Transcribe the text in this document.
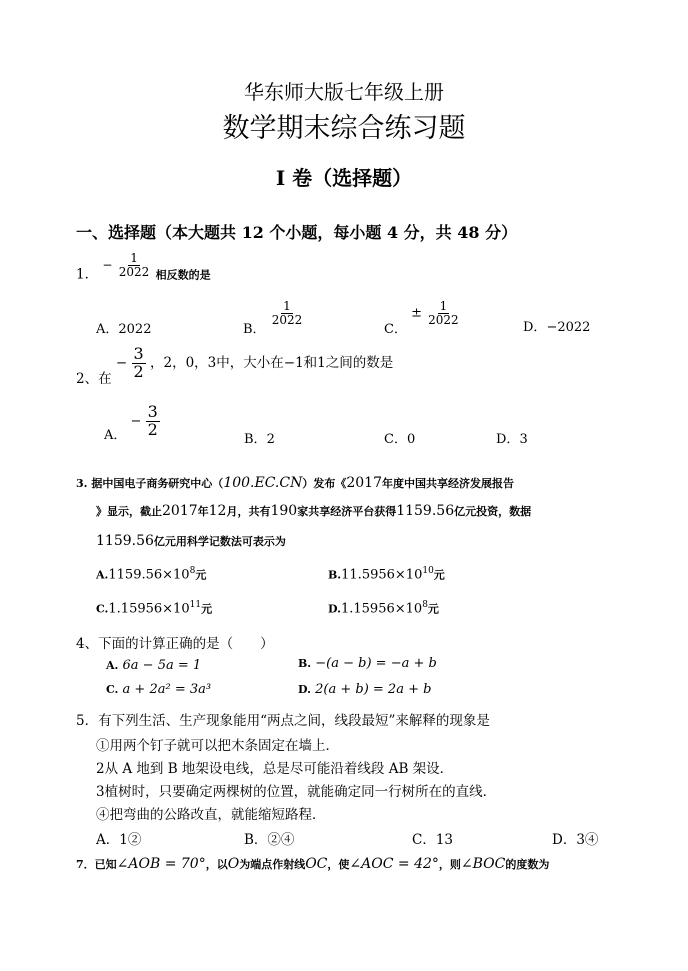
华东师大版七年级上册
数学期末综合练习题
I 卷（选择题）
一、选择题（本大题共 12 个小题，每小题 4 分，共 48 分）
1． − $\frac{1}{2022}$ 相反数的是
A．2022	B．
$\frac{1}{2022}$
C． ± $\frac{1}{2022}$
D．−2022
2、在 − $\frac{3}{2}$ ，2，0，3中，大小在−1和1之间的数是
A． − $\frac{3}{2}$
B．2	C．0	D．3
3. 据中国电子商务研究中心（100.EC.CN）发布《2017年度中国共享经济发展报告
》显示，截止2017年12月，共有190家共享经济平台获得1159.56亿元投资，数据
1159.56亿元用科学记数法可表示为
$A.1159.56\times 10^8$元	$B.11.5956\times 10^{10}$元
$C.1.15956\times 10^{11}$元	$D.1.15956\times 10^8$元
4、下面的计算正确的是（　　）
A. 6a − 5a = 1	B. −(a − b) = −a + b
C. a + 2a² = 3a³	D. 2(a + b) = 2a + b
5．有下列生活、生产现象能用“两点之间，线段最短”来解释的现象是
①用两个钉子就可以把木条固定在墙上．
2从 A 地到 B 地架设电线，总是尽可能沿着线段 AB 架设．
3植树时，只要确定两棵树的位置，就能确定同一行树所在的直线．
④把弯曲的公路改直，就能缩短路程．
A．1②	B．②④	C．13	D．3④
7．已知∠AOB = 70°，以O为端点作射线OC，使∠AOC = 42°，则∠BOC的度数为
